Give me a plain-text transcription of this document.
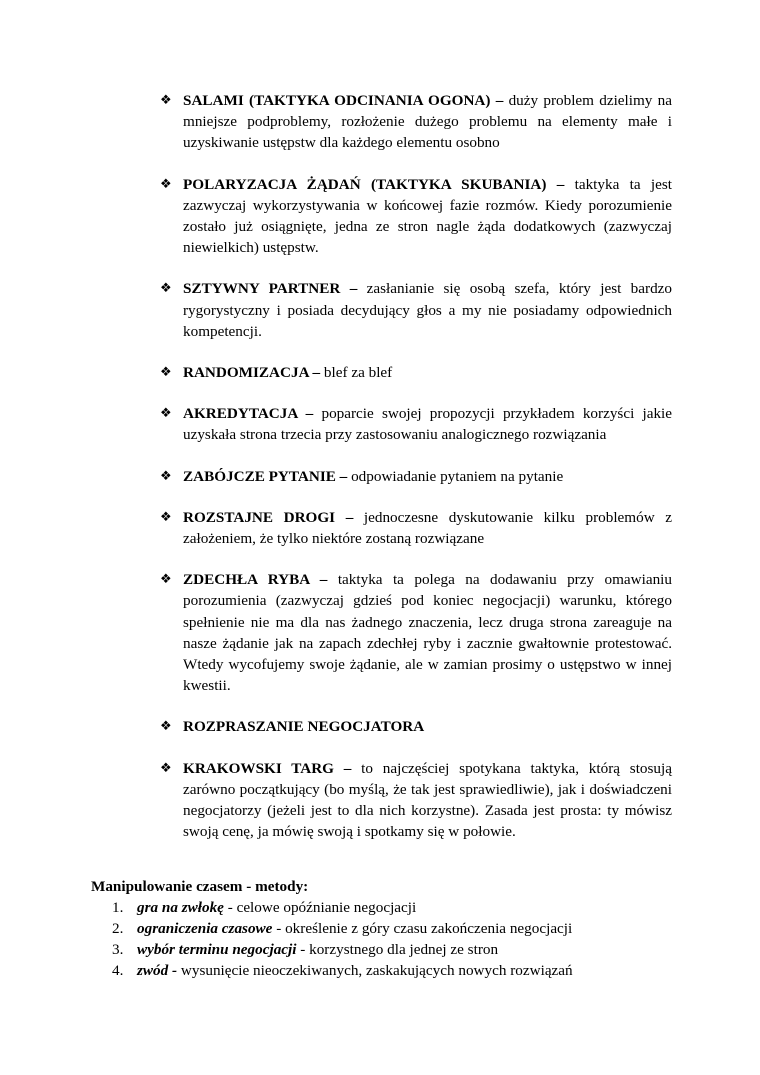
❖ SALAMI (TAKTYKA ODCINANIA OGONA) – duży problem dzielimy na mniejsze podproblemy, rozłożenie dużego problemu na elementy małe i uzyskiwanie ustępstw dla każdego elementu osobno
❖ POLARYZACJA ŻĄDAŃ (TAKTYKA SKUBANIA) – taktyka ta jest zazwyczaj wykorzystywania w końcowej fazie rozmów. Kiedy porozumienie zostało już osiągnięte, jedna ze stron nagle żąda dodatkowych (zazwyczaj niewielkich) ustępstw.
❖ SZTYWNY PARTNER – zasłanianie się osobą szefa, który jest bardzo rygorystyczny i posiada decydujący głos a my nie posiadamy odpowiednich kompetencji.
❖ RANDOMIZACJA – blef za blef
❖ AKREDYTACJA – poparcie swojej propozycji przykładem korzyści jakie uzyskała strona trzecia przy zastosowaniu analogicznego rozwiązania
❖ ZABÓJCZE PYTANIE – odpowiadanie pytaniem na pytanie
❖ ROZSTAJNE DROGI – jednoczesne dyskutowanie kilku problemów z założeniem, że tylko niektóre zostaną rozwiązane
❖ ZDECHŁA RYBA – taktyka ta polega na dodawaniu przy omawianiu porozumienia (zazwyczaj gdzieś pod koniec negocjacji) warunku, którego spełnienie nie ma dla nas żadnego znaczenia, lecz druga strona zareaguje na nasze żądanie jak na zapach zdechłej ryby i zacznie gwałtownie protestować. Wtedy wycofujemy swoje żądanie, ale w zamian prosimy o ustępstwo w innej kwestii.
❖ ROZPRASZANIE NEGOCJATORA
❖ KRAKOWSKI TARG – to najczęściej spotykana taktyka, którą stosują zarówno początkujący (bo myślą, że tak jest sprawiedliwie), jak i doświadczeni negocjatorzy (jeżeli jest to dla nich korzystne). Zasada jest prosta: ty mówisz swoją cenę, ja mówię swoją i spotkamy się w połowie.
Manipulowanie czasem - metody:
1. gra na zwłokę - celowe opóźnianie negocjacji
2. ograniczenia czasowe - określenie z góry czasu zakończenia negocjacji
3. wybór terminu negocjacji - korzystnego dla jednej ze stron
4. zwód - wysunięcie nieoczekiwanych, zaskakujących nowych rozwiązań
